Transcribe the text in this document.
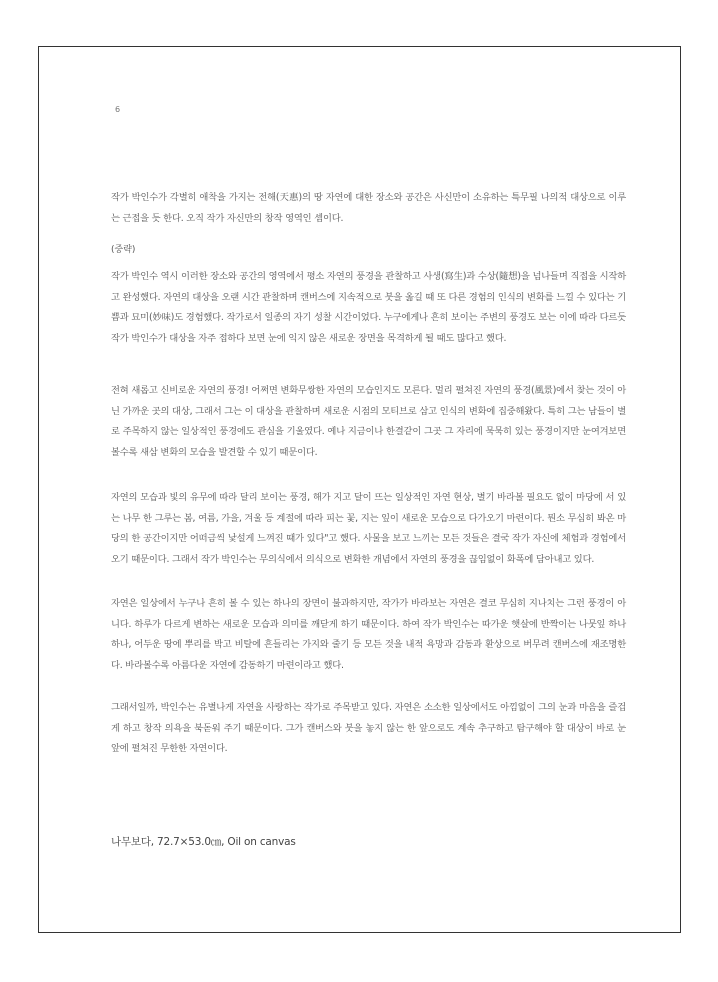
6

작가 박인수가 각별히 애착을 가지는 전해(天惠)의 땅 자연에 대한 장소와 공간은 사신만이 소유하는 특무필 나의적 대상으로 이루는 근접을 듯 한다. 오직 작가 자신만의 창작 영역인 셈이다.

(중략)

작가 박인수 역시 이러한 장소와 공간의 영역에서 평소 자연의 풍경을 관찰하고 사생(寫生)과 수상(隨想)을 넘나들며 직접을 시작하고 완성했다. 자연의 대상을 오랜 시간 관찰하며 캔버스에 지속적으로 붓을 옮길 때 또 다른 경험의 인식의 변화를 느낄 수 있다는 기쁨과 묘미(妙味)도 경험했다. 작가로서 일종의 자기 성찰 시간이었다. 누구에게나 흔히 보이는 주변의 풍경도 보는 이에 따라 다르듯 작가 박인수가 대상을 자주 접하다 보면 눈에 익지 않은 새로운 장면을 목격하게 될 때도 많다고 했다.

전혀 새롭고 신비로운 자연의 풍경! 어쩌면 변화무쌍한 자연의 모습인지도 모른다. 멀리 펼쳐진 자연의 풍경(風景)에서 찾는 것이 아닌 가까운 곳의 대상, 그래서 그는 이 대상을 관찰하며 새로운 시점의 모티브로 삼고 인식의 변화에 집중해왔다. 특히 그는 남들이 별로 주목하지 않는 일상적인 풍경에도 관심을 기울였다. 예나 지금이나 한결같이 그곳 그 자리에 묵묵히 있는 풍경이지만 눈여겨보면 볼수록 새삼 변화의 모습을 발견할 수 있기 때문이다.

자연의 모습과 빛의 유무에 따라 달리 보이는 풍경, 해가 지고 달이 뜨는 일상적인 자연 현상, 별기 바라볼 필요도 없이 마당에 서 있는 나무 한 그루는 봄, 여름, 가을, 겨울 등 계절에 따라 피는 꽃, 지는 잎이 새로운 모습으로 다가오기 마련이다. 뭔소 무심히 봐온 마당의 한 공간이지만 어떠금씩 낯설게 느껴진 때가 있다"고 했다. 사물을 보고 느끼는 모든 것들은 결국 작가 자신에 체험과 경험에서 오기 때문이다. 그래서 작가 박인수는 무의식에서 의식으로 변화한 개념에서 자연의 풍경을 끊임없이 화폭에 담아내고 있다.

자연은 일상에서 누구나 흔히 볼 수 있는 하나의 장면이 불과하지만, 작가가 바라보는 자연은 결코 무심히 지나치는 그런 풍경이 아니다. 하루가 다르게 변하는 새로운 모습과 의미를 깨닫게 하기 때문이다. 하여 작가 박인수는 따가운 햇살에 반짝이는 나뭇잎 하나하나, 어두운 땅에 뿌리를 박고 비탈에 흔들리는 가지와 줄기 등 모든 것을 내적 욕망과 감동과 환상으로 버무려 캔버스에 재조명한다. 바라볼수록 아름다운 자연에 감동하기 마련이라고 했다.

그래서일까, 박인수는 유별나게 자연을 사랑하는 작가로 주목받고 있다. 자연은 소소한 일상에서도 아낌없이 그의 눈과 마음을 즐겁게 하고 창작 의욕을 북돋워 주기 때문이다. 그가 캔버스와 붓을 놓지 않는 한 앞으로도 계속 추구하고 탐구해야 할 대상이 바로 눈 앞에 펼쳐진 무한한 자연이다.

나무보다, 72.7×53.0㎝, Oil on canvas
